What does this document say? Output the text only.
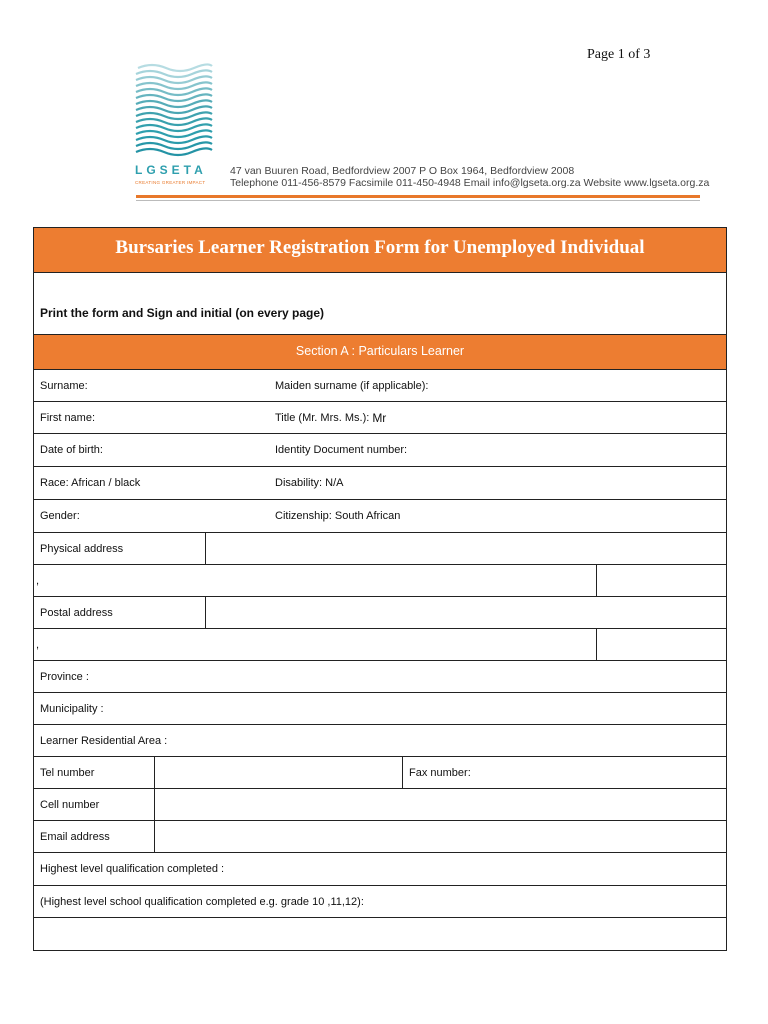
Page 1 of 3
LGSETA
CREATING GREATER IMPACT
47 van Buuren Road, Bedfordview 2007 P O Box 1964, Bedfordview 2008
Telephone 011-456-8579 Facsimile 011-450-4948 Email info@lgseta.org.za Website www.lgseta.org.za
Bursaries Learner Registration Form for Unemployed Individual
Print the form and Sign and initial (on every page)
Section A : Particulars Learner
Surname:	Maiden surname (if applicable):
First name:	Title (Mr. Mrs. Ms.): Mr
Date of birth:	Identity Document number:
Race: African / black	Disability: N/A
Gender:	Citizenship: South African
Physical address
,
Postal address
,
Province :
Municipality :
Learner Residential Area :
Tel number	Fax number:
Cell number
Email address
Highest level qualification completed :
(Highest level school qualification completed e.g. grade 10 ,11,12):
